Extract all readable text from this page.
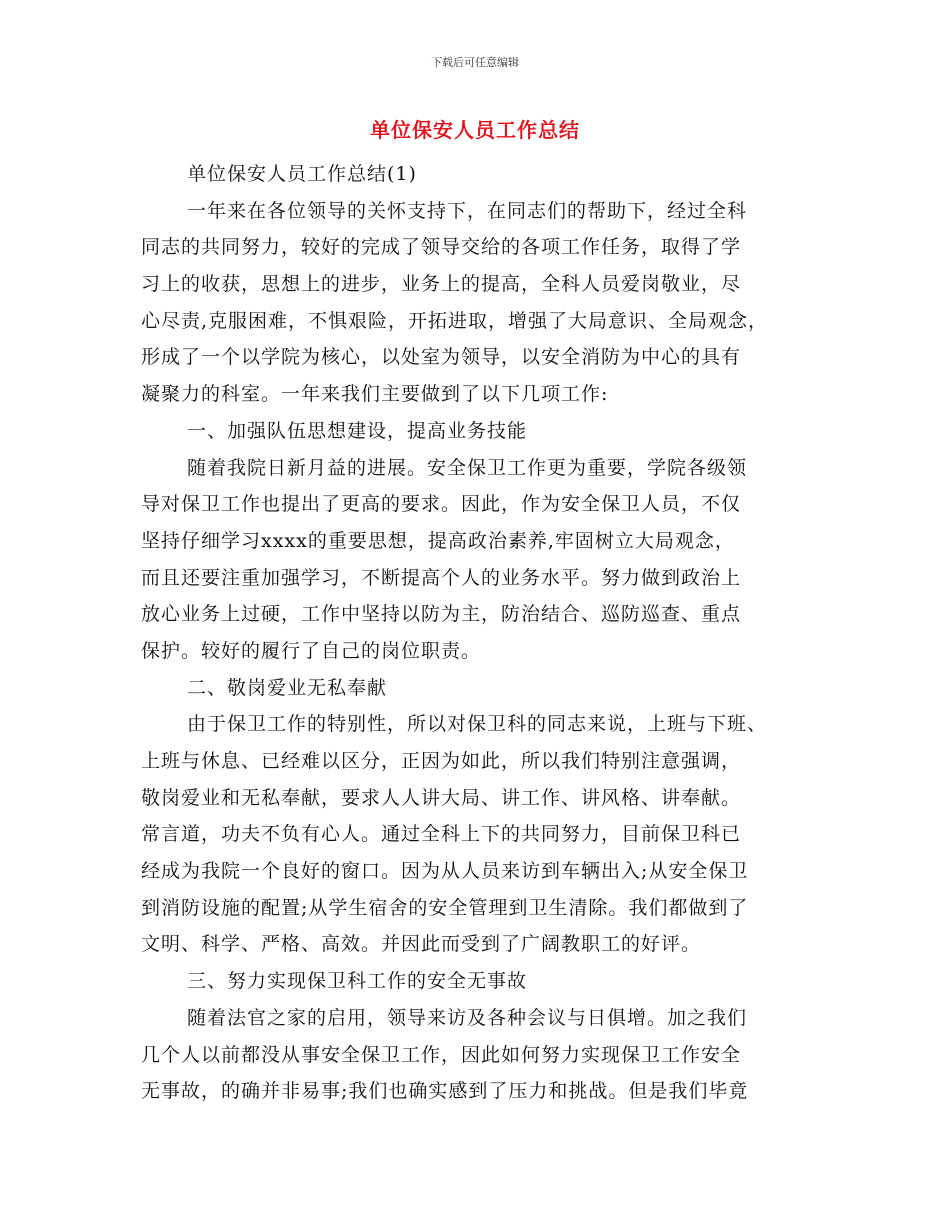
下载后可任意编辑
单位保安人员工作总结
单位保安人员工作总结(1)
一年来在各位领导的关怀支持下，在同志们的帮助下，经过全科
同志的共同努力，较好的完成了领导交给的各项工作任务，取得了学
习上的收获，思想上的进步，业务上的提高，全科人员爱岗敬业，尽
心尽责,克服困难，不惧艰险，开拓进取，增强了大局意识、全局观念，
形成了一个以学院为核心，以处室为领导，以安全消防为中心的具有
凝聚力的科室。一年来我们主要做到了以下几项工作:
一、加强队伍思想建设，提高业务技能
随着我院日新月益的进展。安全保卫工作更为重要，学院各级领
导对保卫工作也提出了更高的要求。因此，作为安全保卫人员，不仅
坚持仔细学习xxxx的重要思想，提高政治素养,牢固树立大局观念，
而且还要注重加强学习，不断提高个人的业务水平。努力做到政治上
放心业务上过硬，工作中坚持以防为主，防治结合、巡防巡查、重点
保护。较好的履行了自己的岗位职责。
二、敬岗爱业无私奉献
由于保卫工作的特别性，所以对保卫科的同志来说，上班与下班、
上班与休息、已经难以区分，正因为如此，所以我们特别注意强调，
敬岗爱业和无私奉献，要求人人讲大局、讲工作、讲风格、讲奉献。
常言道，功夫不负有心人。通过全科上下的共同努力，目前保卫科已
经成为我院一个良好的窗口。因为从人员来访到车辆出入;从安全保卫
到消防设施的配置;从学生宿舍的安全管理到卫生清除。我们都做到了
文明、科学、严格、高效。并因此而受到了广阔教职工的好评。
三、努力实现保卫科工作的安全无事故
随着法官之家的启用，领导来访及各种会议与日俱增。加之我们
几个人以前都没从事安全保卫工作，因此如何努力实现保卫工作安全
无事故，的确并非易事;我们也确实感到了压力和挑战。但是我们毕竟
